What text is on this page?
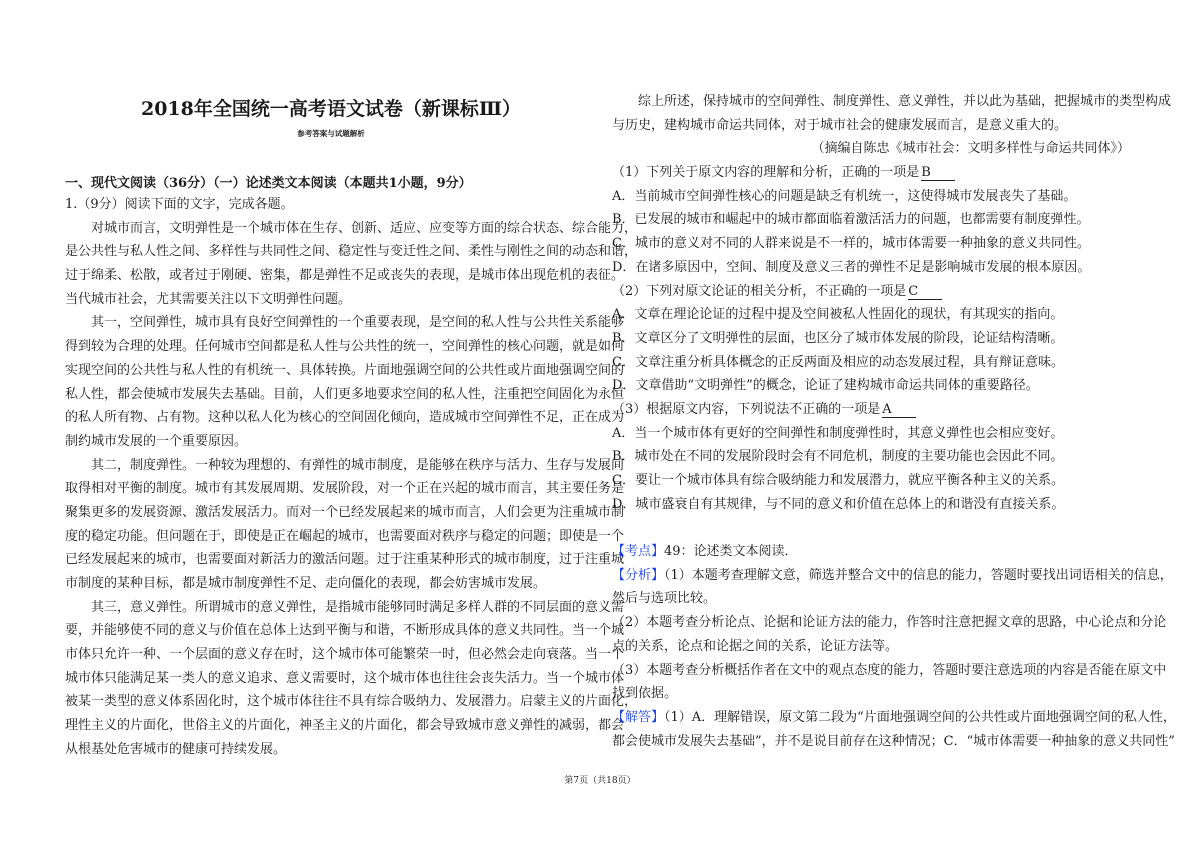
2018年全国统一高考语文试卷（新课标Ⅲ）
参考答案与试题解析
一、现代文阅读（36分）（一）论述类文本阅读（本题共1小题，9分）
1.（9分）阅读下面的文字，完成各题。
对城市而言，文明弹性是一个城市体在生存、创新、适应、应变等方面的综合状态、综合能力，
是公共性与私人性之间、多样性与共同性之间、稳定性与变迁性之间、柔性与刚性之间的动态和谐，
过于绵柔、松散，或者过于刚硬、密集，都是弹性不足或丧失的表现，是城市体出现危机的表征。
当代城市社会，尤其需要关注以下文明弹性问题。
其一，空间弹性，城市具有良好空间弹性的一个重要表现，是空间的私人性与公共性关系能够
得到较为合理的处理。任何城市空间都是私人性与公共性的统一，空间弹性的核心问题，就是如何
实现空间的公共性与私人性的有机统一、具体转换。片面地强调空间的公共性或片面地强调空间的
私人性，都会使城市发展失去基础。目前，人们更多地要求空间的私人性，注重把空间固化为永恒
的私人所有物、占有物。这种以私人化为核心的空间固化倾向，造成城市空间弹性不足，正在成为
制约城市发展的一个重要原因。
其二，制度弹性。一种较为理想的、有弹性的城市制度，是能够在秩序与活力、生存与发展间
取得相对平衡的制度。城市有其发展周期、发展阶段，对一个正在兴起的城市而言，其主要任务是
聚集更多的发展资源、激活发展活力。而对一个已经发展起来的城市而言，人们会更为注重城市制
度的稳定功能。但问题在于，即使是正在崛起的城市，也需要面对秩序与稳定的问题；即使是一个
已经发展起来的城市，也需要面对新活力的激活问题。过于注重某种形式的城市制度，过于注重城
市制度的某种目标，都是城市制度弹性不足、走向僵化的表现，都会妨害城市发展。
其三，意义弹性。所谓城市的意义弹性，是指城市能够同时满足多样人群的不同层面的意义需
要，并能够使不同的意义与价值在总体上达到平衡与和谐，不断形成具体的意义共同性。当一个城
市体只允许一种、一个层面的意义存在时，这个城市体可能繁荣一时，但必然会走向衰落。当一个
城市体只能满足某一类人的意义追求、意义需要时，这个城市体也往往会丧失活力。当一个城市体
被某一类型的意义体系固化时，这个城市体往往不具有综合吸纳力、发展潜力。启蒙主义的片面化，
理性主义的片面化，世俗主义的片面化，神圣主义的片面化，都会导致城市意义弹性的减弱，都会
从根基处危害城市的健康可持续发展。
综上所述，保持城市的空间弹性、制度弹性、意义弹性，并以此为基础，把握城市的类型构成
与历史，建构城市命运共同体，对于城市社会的健康发展而言，是意义重大的。
（摘编自陈忠《城市社会：文明多样性与命运共同体》）
（1）下列关于原文内容的理解和分析，正确的一项是 B
A．当前城市空间弹性核心的问题是缺乏有机统一，这使得城市发展丧失了基础。
B．已发展的城市和崛起中的城市都面临着激活活力的问题，也都需要有制度弹性。
C．城市的意义对不同的人群来说是不一样的，城市体需要一种抽象的意义共同性。
D．在诸多原因中，空间、制度及意义三者的弹性不足是影响城市发展的根本原因。
（2）下列对原文论证的相关分析，不正确的一项是 C
A．文章在理论论证的过程中提及空间被私人性固化的现状，有其现实的指向。
B．文章区分了文明弹性的层面，也区分了城市体发展的阶段，论证结构清晰。
C．文章注重分析具体概念的正反两面及相应的动态发展过程，具有辩证意味。
D．文章借助“文明弹性”的概念，论证了建构城市命运共同体的重要路径。
（3）根据原文内容，下列说法不正确的一项是 A
A．当一个城市体有更好的空间弹性和制度弹性时，其意义弹性也会相应变好。
B．城市处在不同的发展阶段时会有不同危机，制度的主要功能也会因此不同。
C．要让一个城市体具有综合吸纳能力和发展潜力，就应平衡各种主义的关系。
D．城市盛衰自有其规律，与不同的意义和价值在总体上的和谐没有直接关系。
【考点】49：论述类文本阅读．
【分析】（1）本题考查理解文意，筛选并整合文中的信息的能力，答题时要找出词语相关的信息，
然后与选项比较。
（2）本题考查分析论点、论据和论证方法的能力，作答时注意把握文章的思路，中心论点和分论
点的关系，论点和论据之间的关系，论证方法等。
（3）本题考查分析概括作者在文中的观点态度的能力，答题时要注意选项的内容是否能在原文中
找到依据。
【解答】（1）A．理解错误，原文第二段为“片面地强调空间的公共性或片面地强调空间的私人性，
都会使城市发展失去基础”，并不是说目前存在这种情况；C．“城市体需要一种抽象的意义共同性”
第7页（共18页）
